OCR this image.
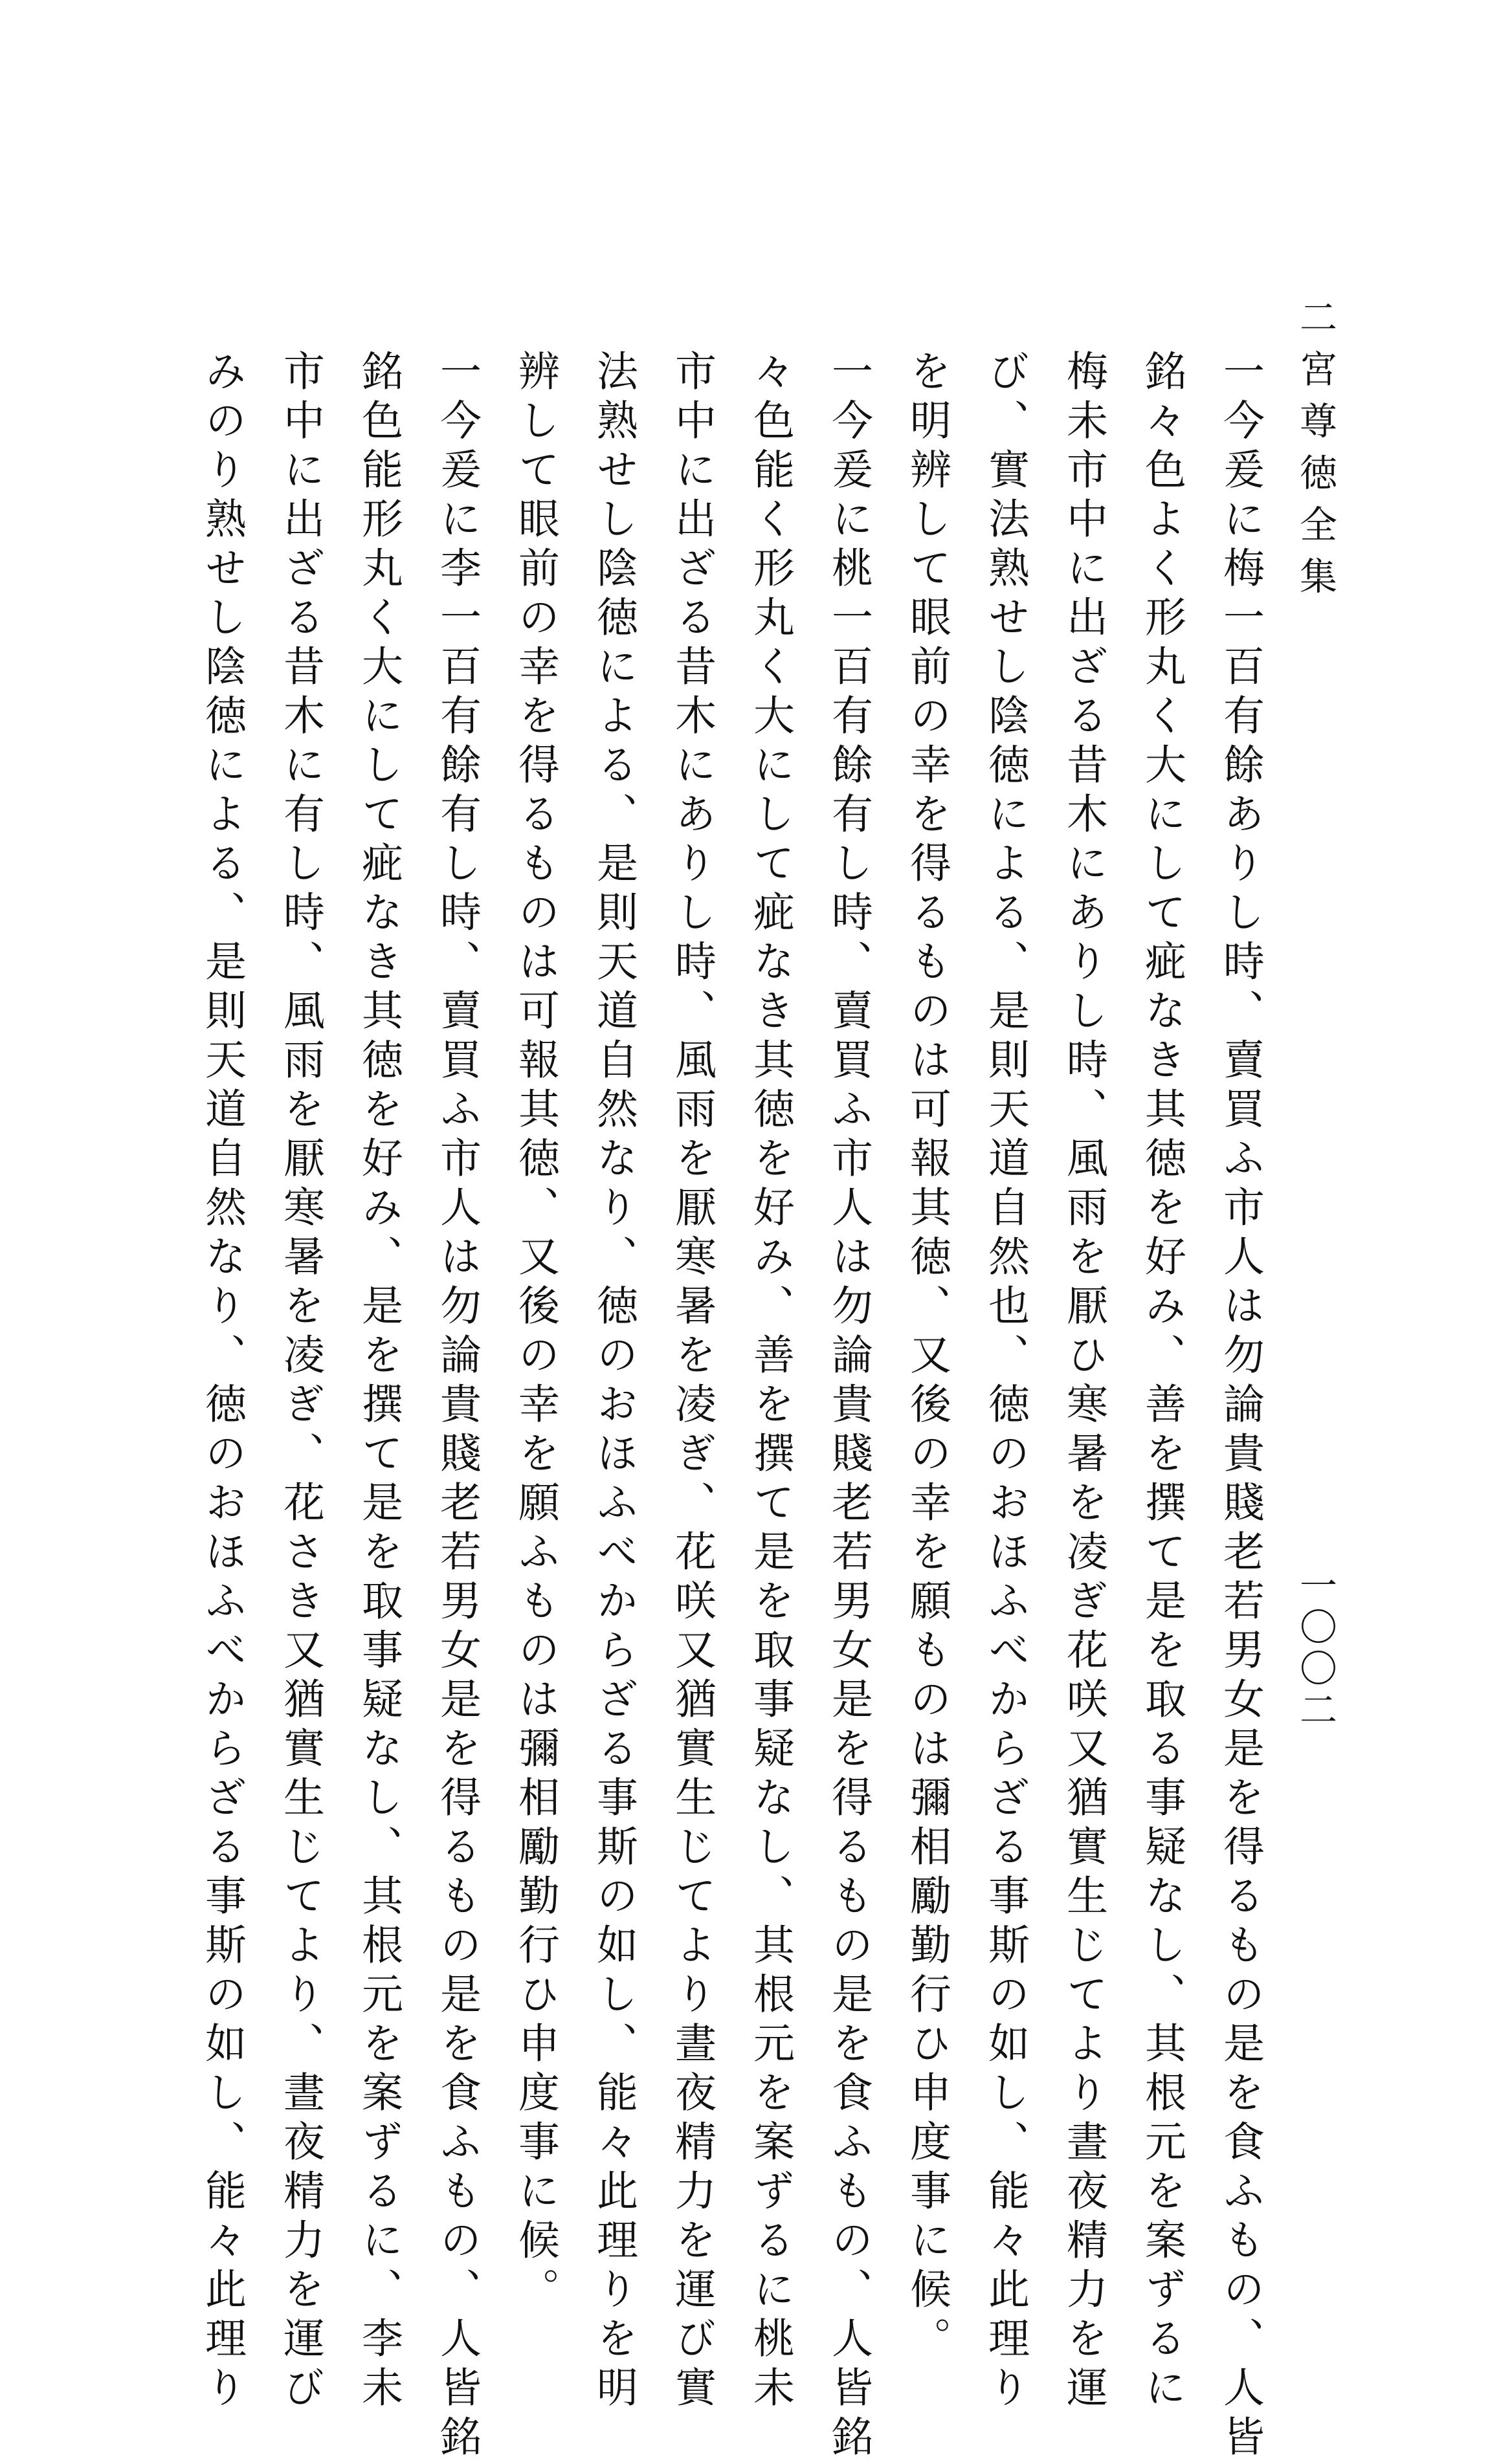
二宮尊徳全集
一〇〇二
一今爰に梅一百有餘ありし時、賣買ふ市人は勿論貴賤老若男女是を得るもの是を食ふもの、人皆
銘々色よく形丸く大にして疵なき其徳を好み、善を撰て是を取る事疑なし、其根元を案ずるに
梅未市中に出ざる昔木にありし時、風雨を厭ひ寒暑を凌ぎ花咲又猶實生じてより晝夜精力を運
び、實法熟せし陰徳による、是則天道自然也、徳のおほふべからざる事斯の如し、能々此理り
を明辨して眼前の幸を得るものは可報其徳、又後の幸を願ものは彌相勵勤行ひ申度事に候。
一今爰に桃一百有餘有し時、賣買ふ市人は勿論貴賤老若男女是を得るもの是を食ふもの、人皆銘
々色能く形丸く大にして疵なき其徳を好み、善を撰て是を取事疑なし、其根元を案ずるに桃未
市中に出ざる昔木にありし時、風雨を厭寒暑を凌ぎ、花咲又猶實生じてより晝夜精力を運び實
法熟せし陰徳による、是則天道自然なり、徳のおほふべからざる事斯の如し、能々此理りを明
辨して眼前の幸を得るものは可報其徳、又後の幸を願ふものは彌相勵勤行ひ申度事に候。
一今爰に李一百有餘有し時、賣買ふ市人は勿論貴賤老若男女是を得るもの是を食ふもの、人皆銘
銘色能形丸く大にして疵なき其徳を好み、是を撰て是を取事疑なし、其根元を案ずるに、李未
市中に出ざる昔木に有し時、風雨を厭寒暑を凌ぎ、花さき又猶實生じてより、晝夜精力を運び
みのり熟せし陰徳による、是則天道自然なり、徳のおほふべからざる事斯の如し、能々此理り
